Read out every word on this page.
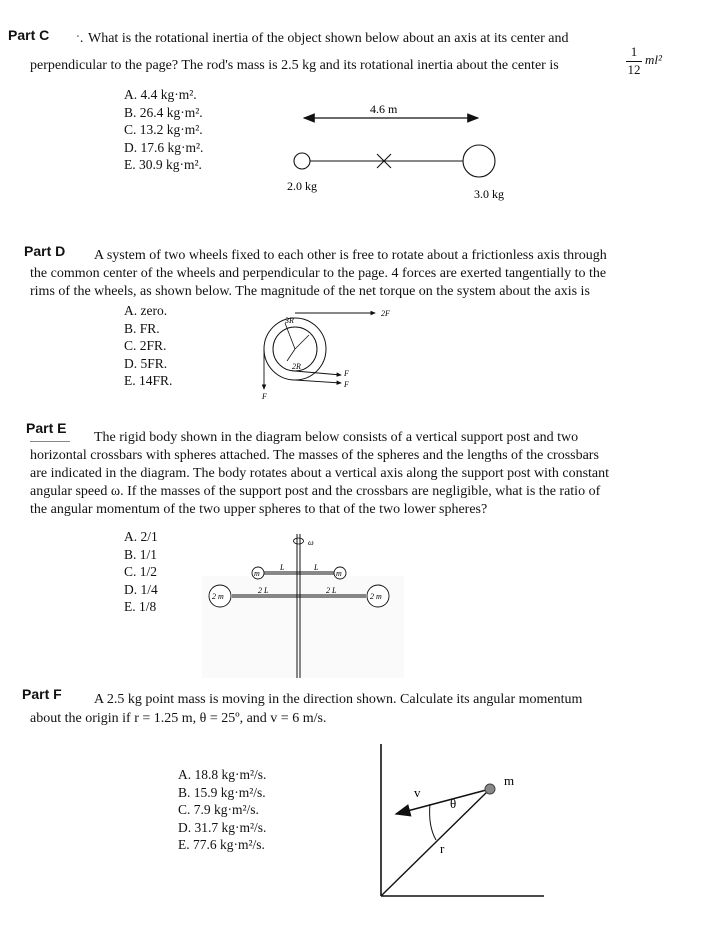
Part C ˑ. What is the rotational inertia of the object shown below about an axis at its center and
perpendicular to the page? The rod's mass is 2.5 kg and its rotational inertia about the center is
1
12
ml²
A. 4.4 kg·m².
B. 26.4 kg·m².
C. 13.2 kg·m².
D. 17.6 kg·m².
E. 30.9 kg·m².
4.6 m
2.0 kg
3.0 kg
Part D A system of two wheels fixed to each other is free to rotate about a frictionless axis through
the common center of the wheels and perpendicular to the page. 4 forces are exerted tangentially to the
rims of the wheels, as shown below. The magnitude of the net torque on the system about the axis is
A. zero.
B. FR.
C. 2FR.
D. 5FR.
E. 14FR.
3R
2R
2F
F
F
F
Part E
The rigid body shown in the diagram below consists of a vertical support post and two
horizontal crossbars with spheres attached. The masses of the spheres and the lengths of the crossbars
are indicated in the diagram. The body rotates about a vertical axis along the support post with constant
angular speed ω. If the masses of the support post and the crossbars are negligible, what is the ratio of
the angular momentum of the two upper spheres to that of the two lower spheres?
A. 2/1
B. 1/1
C. 1/2
D. 1/4
E. 1/8
ω
m	m
L	L
2 m	2 m
2 L	2 L
Part F A 2.5 kg point mass is moving in the direction shown. Calculate its angular momentum
about the origin if r = 1.25 m, θ = 25º, and v = 6 m/s.
A. 18.8 kg·m²/s.
B. 15.9 kg·m²/s.
C. 7.9 kg·m²/s.
D. 31.7 kg·m²/s.
E. 77.6 kg·m²/s.
m
v
θ
r
